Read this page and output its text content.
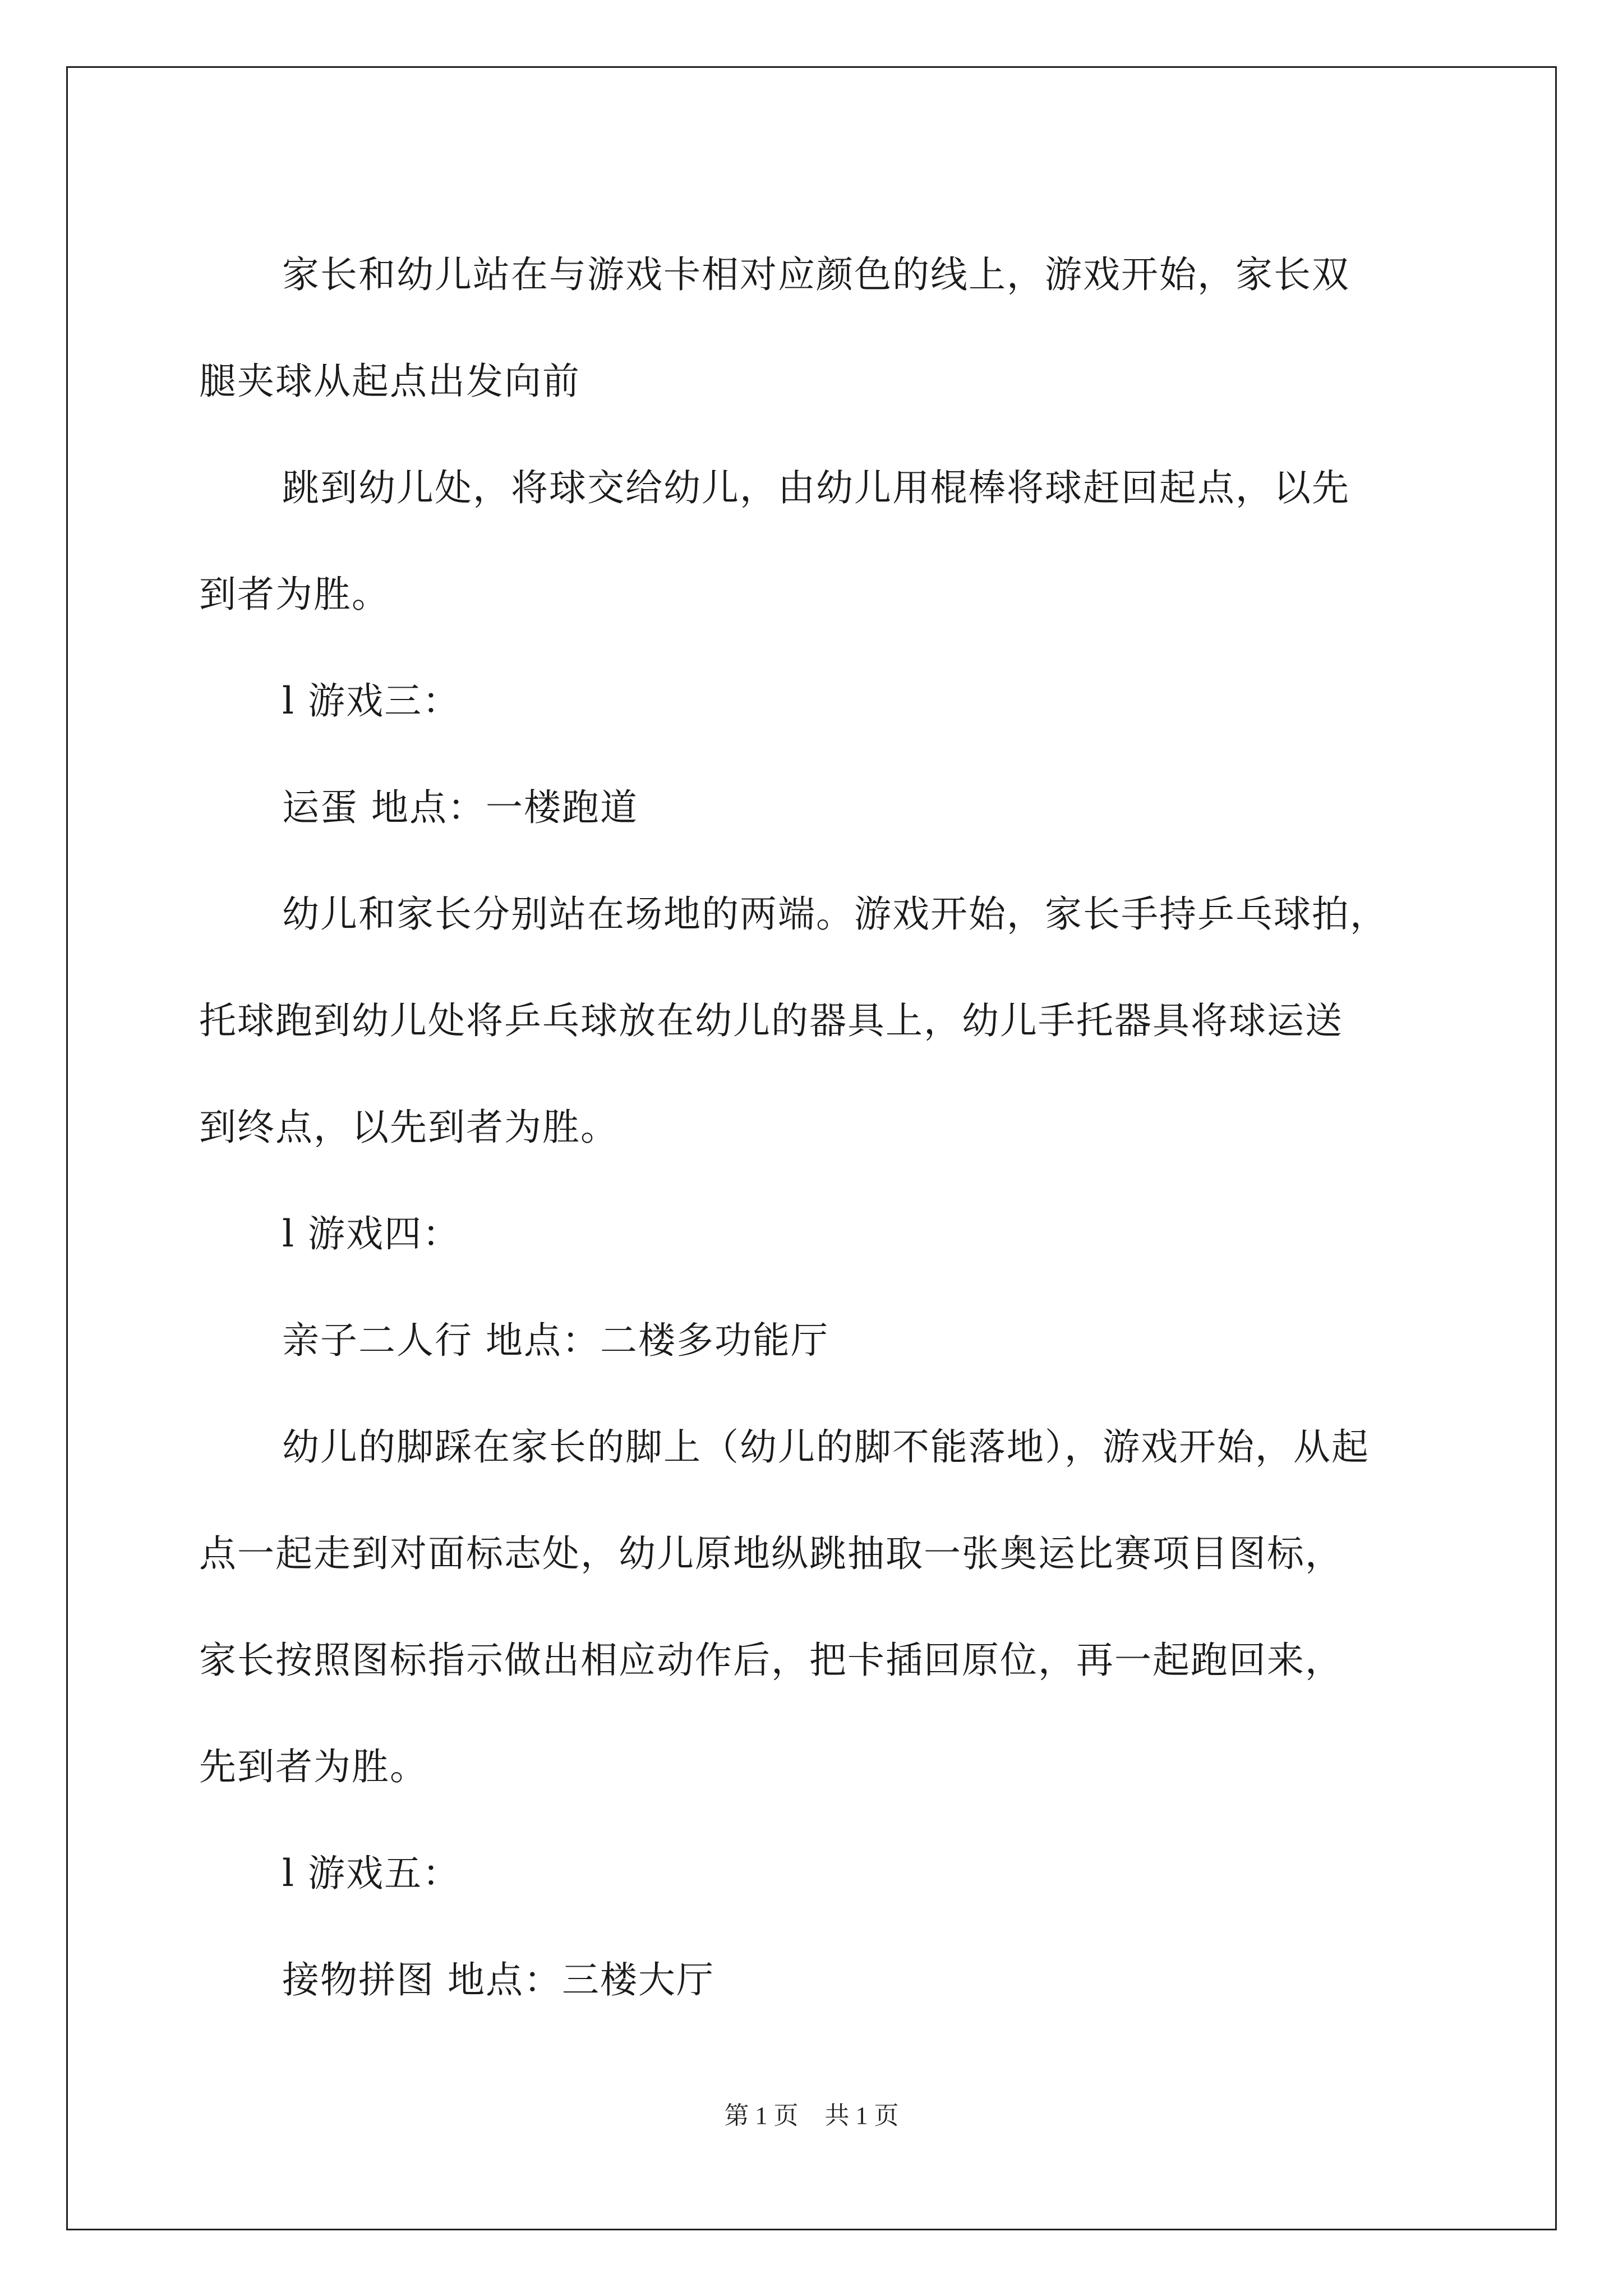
家长和幼儿站在与游戏卡相对应颜色的线上，游戏开始，家长双

腿夹球从起点出发向前

跳到幼儿处，将球交给幼儿，由幼儿用棍棒将球赶回起点，以先

到者为胜。

l 游戏三：

运蛋 地点：一楼跑道

幼儿和家长分别站在场地的两端。游戏开始，家长手持乒乓球拍，

托球跑到幼儿处将乒乓球放在幼儿的器具上，幼儿手托器具将球运送

到终点，以先到者为胜。

l 游戏四：

亲子二人行 地点：二楼多功能厅

幼儿的脚踩在家长的脚上（幼儿的脚不能落地），游戏开始，从起

点一起走到对面标志处，幼儿原地纵跳抽取一张奥运比赛项目图标，

家长按照图标指示做出相应动作后，把卡插回原位，再一起跑回来，

先到者为胜。

l 游戏五：

接物拼图 地点：三楼大厅

第 1 页 共 1 页
